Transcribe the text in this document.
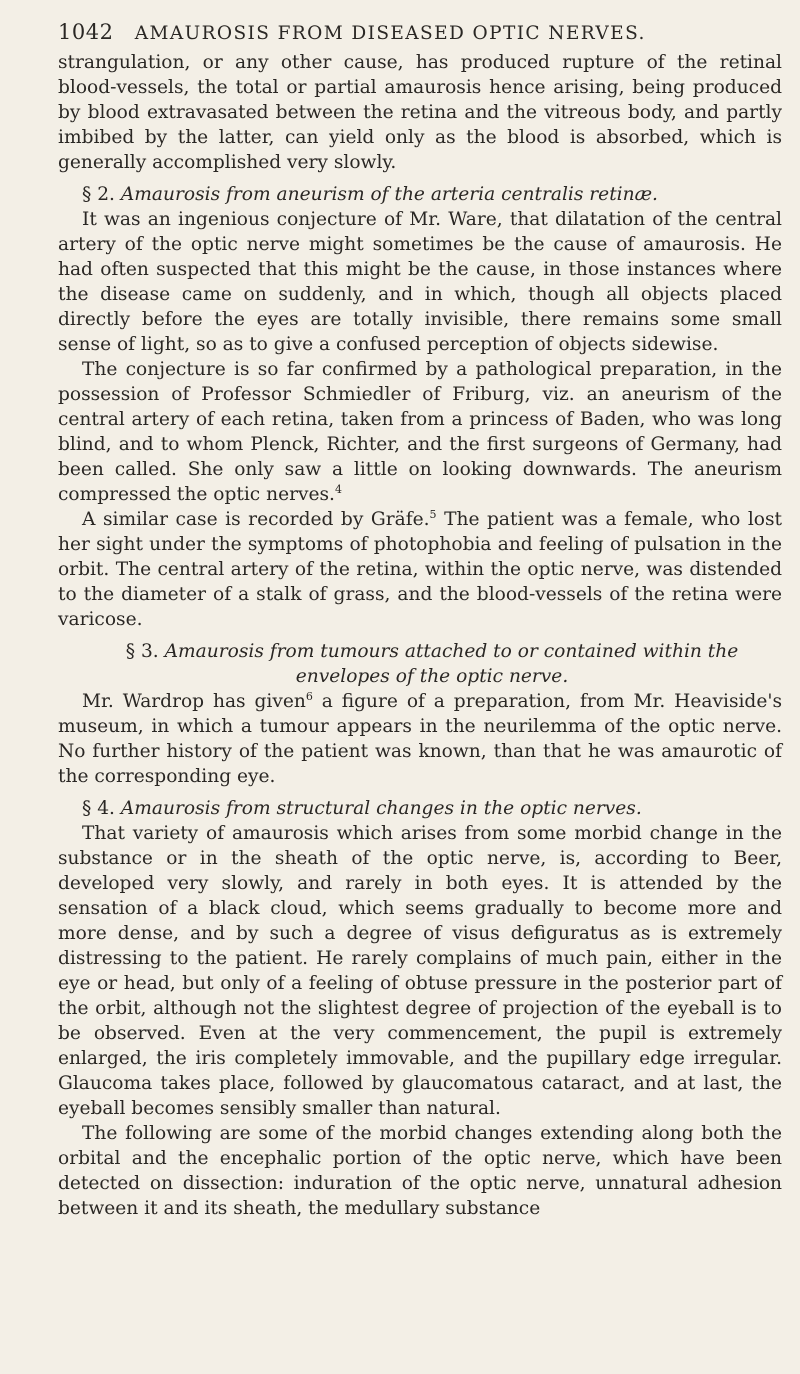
1042 AMAUROSIS FROM DISEASED OPTIC NERVES.

strangulation, or any other cause, has produced rupture of the retinal blood-vessels, the total or partial amaurosis hence arising, being produced by blood extravasated between the retina and the vitreous body, and partly imbibed by the latter, can yield only as the blood is absorbed, which is generally accomplished very slowly.

§ 2. Amaurosis from aneurism of the arteria centralis retinæ.

It was an ingenious conjecture of Mr. Ware, that dilatation of the central artery of the optic nerve might sometimes be the cause of amaurosis. He had often suspected that this might be the cause, in those instances where the disease came on suddenly, and in which, though all objects placed directly before the eyes are totally invisible, there remains some small sense of light, so as to give a confused perception of objects sidewise.

The conjecture is so far confirmed by a pathological preparation, in the possession of Professor Schmiedler of Friburg, viz. an aneurism of the central artery of each retina, taken from a princess of Baden, who was long blind, and to whom Plenck, Richter, and the first surgeons of Germany, had been called. She only saw a little on looking downwards. The aneurism compressed the optic nerves.$^4$

A similar case is recorded by Gräfe.$^5$ The patient was a female, who lost her sight under the symptoms of photophobia and feeling of pulsation in the orbit. The central artery of the retina, within the optic nerve, was distended to the diameter of a stalk of grass, and the blood-vessels of the retina were varicose.

§ 3. Amaurosis from tumours attached to or contained within the envelopes of the optic nerve.

Mr. Wardrop has given$^6$ a figure of a preparation, from Mr. Heaviside's museum, in which a tumour appears in the neurilemma of the optic nerve. No further history of the patient was known, than that he was amaurotic of the corresponding eye.

§ 4. Amaurosis from structural changes in the optic nerves.

That variety of amaurosis which arises from some morbid change in the substance or in the sheath of the optic nerve, is, according to Beer, developed very slowly, and rarely in both eyes. It is attended by the sensation of a black cloud, which seems gradually to become more and more dense, and by such a degree of visus defiguratus as is extremely distressing to the patient. He rarely complains of much pain, either in the eye or head, but only of a feeling of obtuse pressure in the posterior part of the orbit, although not the slightest degree of projection of the eyeball is to be observed. Even at the very commencement, the pupil is extremely enlarged, the iris completely immovable, and the pupillary edge irregular. Glaucoma takes place, followed by glaucomatous cataract, and at last, the eyeball becomes sensibly smaller than natural.

The following are some of the morbid changes extending along both the orbital and the encephalic portion of the optic nerve, which have been detected on dissection: induration of the optic nerve, unnatural adhesion between it and its sheath, the medullary substance
